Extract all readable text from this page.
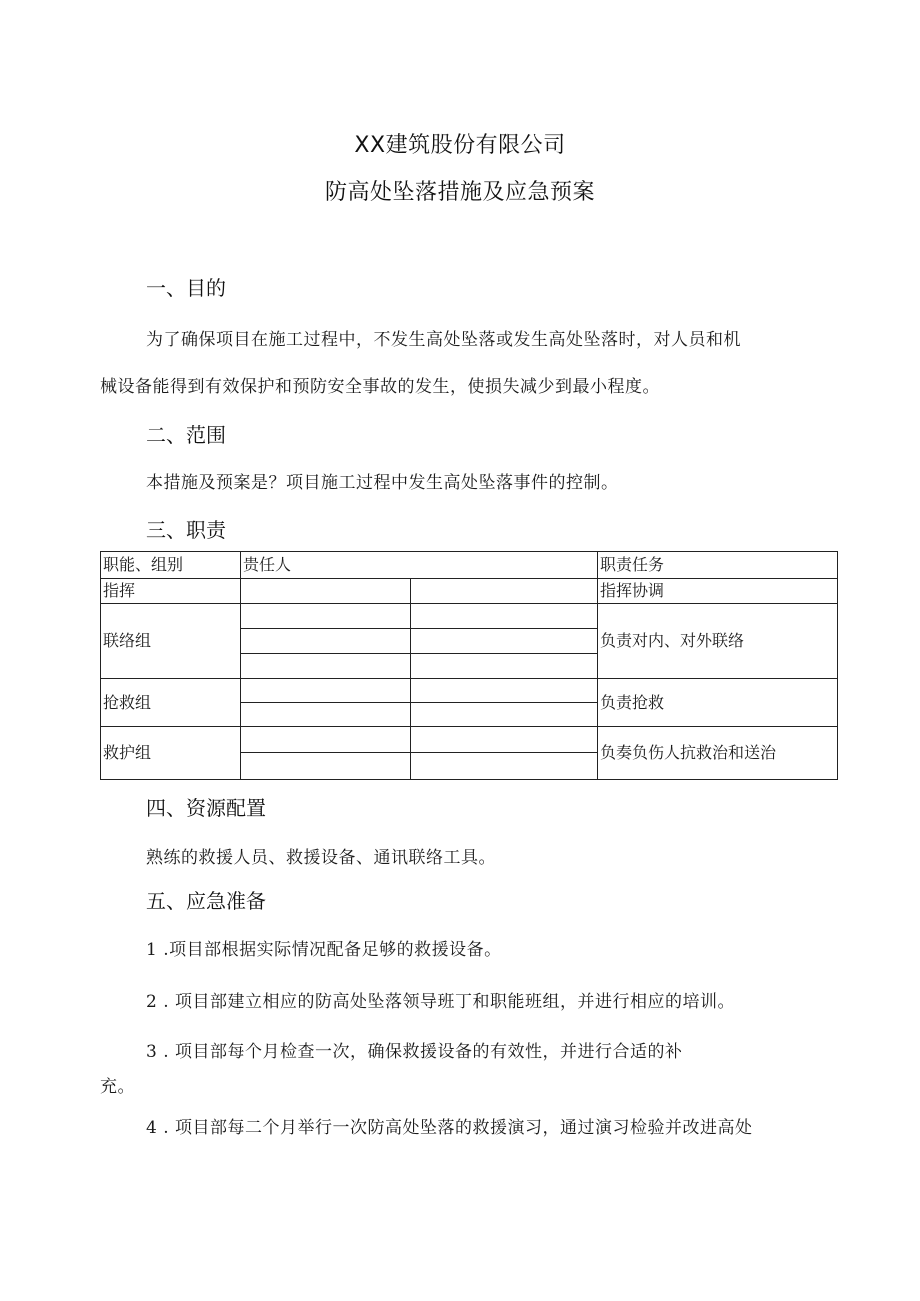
XX建筑股份有限公司
防高处坠落措施及应急预案
一、目的
为了确保项目在施工过程中，不发生高处坠落或发生高处坠落时，对人员和机
械设备能得到有效保护和预防安全事故的发生，使损失减少到最小程度。
二、范围
本措施及预案是？项目施工过程中发生高处坠落事件的控制。
三、职责
职能、组别	贵任人		职责任务
指挥			指挥协调
联络组			负责对内、对外联络

抢救组			负责抢救

救护组			负奏负伤人抗救治和送治

四、资源配置
熟练的救援人员、救援设备、通讯联络工具。
五、应急准备
1 .项目部根据实际情况配备足够的救援设备。
2 . 项目部建立相应的防高处坠落领导班丁和职能班组，并进行相应的培训。
3 . 项目部每个月检查一次，确保救援设备的有效性，并进行合适的补
充。
4 . 项目部每二个月举行一次防高处坠落的救援演习，通过演习检验并改进高处
